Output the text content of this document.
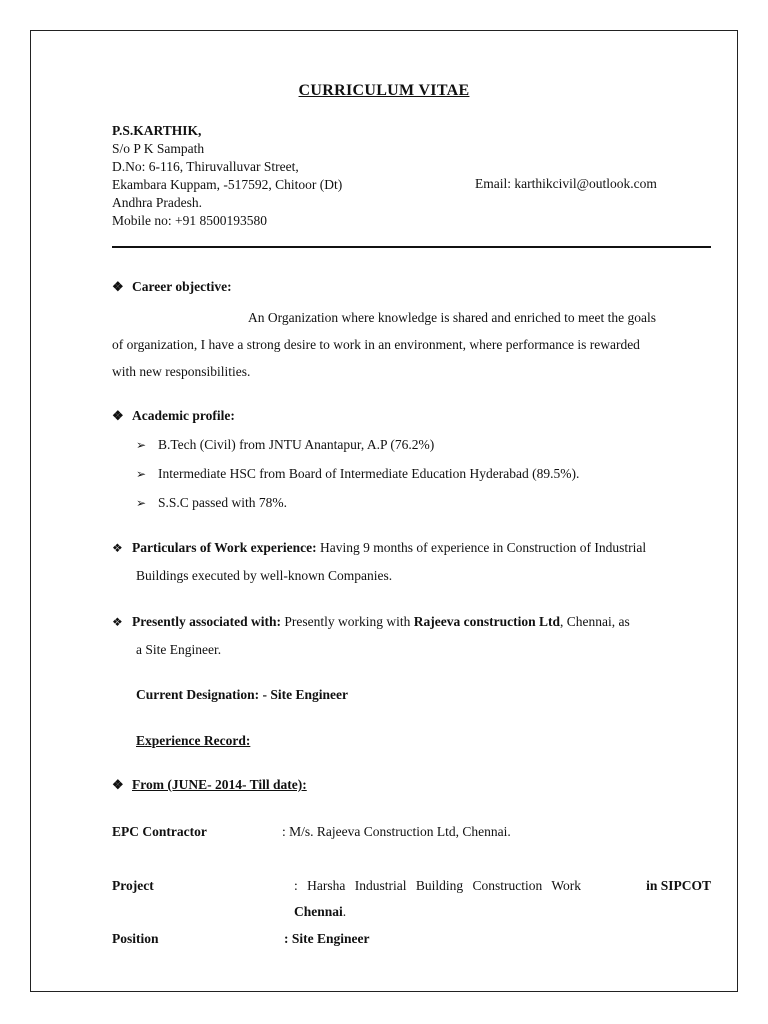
CURRICULUM VITAE
P.S.KARTHIK,
S/o P K Sampath
D.No: 6-116, Thiruvalluvar Street,
Ekambara Kuppam, -517592, Chitoor (Dt)	Email: karthikcivil@outlook.com
Andhra Pradesh.
Mobile no: +91 8500193580
❖ Career objective:
An Organization where knowledge is shared and enriched to meet the goals
of organization, I have a strong desire to work in an environment, where performance is rewarded
with new responsibilities.
❖ Academic profile:
➢ B.Tech (Civil) from JNTU Anantapur, A.P (76.2%)
➢ Intermediate HSC from Board of Intermediate Education Hyderabad (89.5%).
➢ S.S.C passed with 78%.
❖ Particulars of Work experience: Having 9 months of experience in Construction of Industrial
Buildings executed by well-known Companies.
❖ Presently associated with: Presently working with Rajeeva construction Ltd, Chennai, as
a Site Engineer.
Current Designation: - Site Engineer
Experience Record:
❖ From (JUNE- 2014- Till date):
EPC Contractor	: M/s. Rajeeva Construction Ltd, Chennai.
Project	: Harsha Industrial Building Construction Work	in SIPCOT
Chennai.
Position	: Site Engineer
